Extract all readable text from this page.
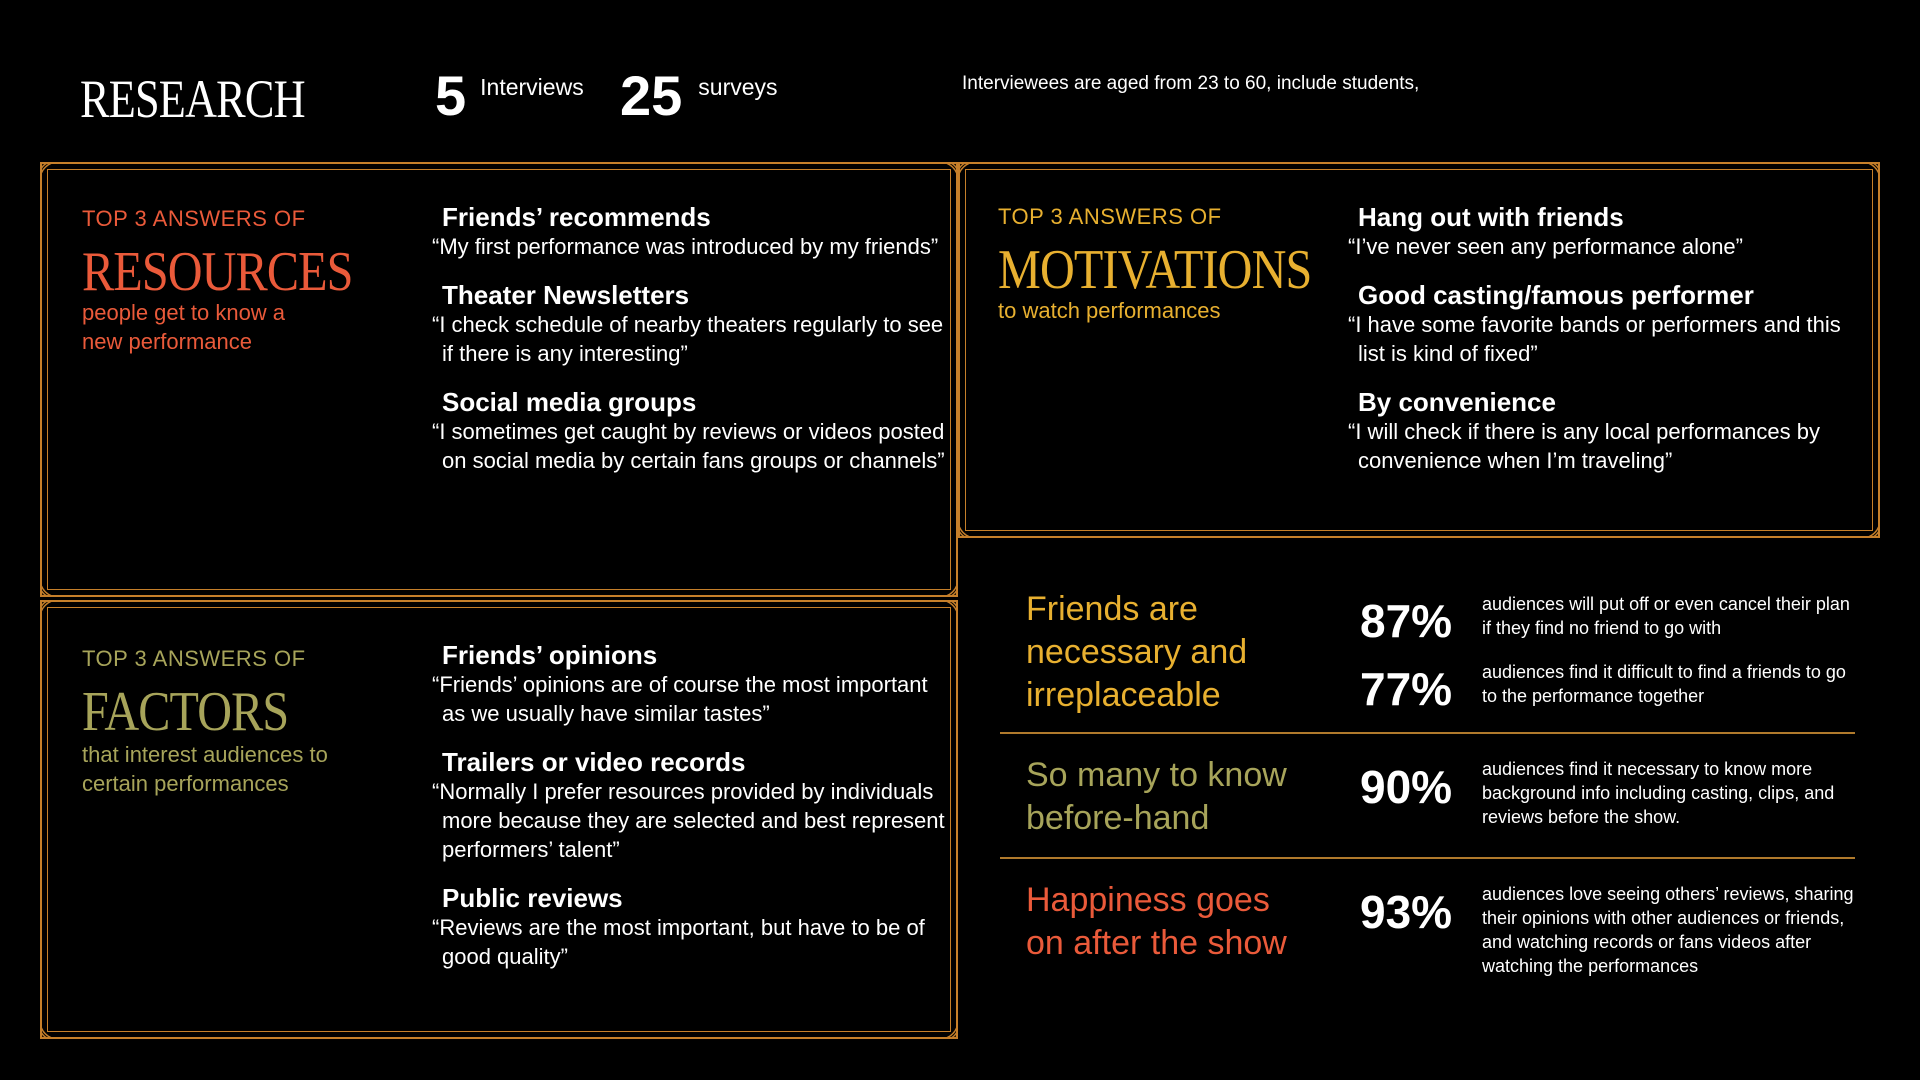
RESEARCH 5 Interviews 25 surveys	Interviewees are aged from 23 to 60, include students,
TOP 3 ANSWERS OF
RESOURCES
people get to know a
new performance
Friends’ recommends
“My first performance was introduced by my friends”
Theater Newsletters
“I check schedule of nearby theaters regularly to see if there is any interesting”
Social media groups
“I sometimes get caught by reviews or videos posted on social media by certain fans groups or channels”
TOP 3 ANSWERS OF
FACTORS
that interest audiences to
certain performances
Friends’ opinions
“Friends’ opinions are of course the most important as we usually have similar tastes”
Trailers or video records
“Normally I prefer resources provided by individuals more because they are selected and best represent performers’ talent”
Public reviews
“Reviews are the most important, but have to be of good quality”
TOP 3 ANSWERS OF
MOTIVATIONS
to watch performances
Hang out with friends
“I’ve never seen any performance alone”
Good casting/famous performer
“I have some favorite bands or performers and this list is kind of fixed”
By convenience
“I will check if there is any local performances by convenience when I’m traveling”
Friends are
necessary and
irreplaceable
87% audiences will put off or even cancel their plan if they find no friend to go with
77% audiences find it difficult to find a friends to go to the performance together
So many to know
before-hand
90% audiences find it necessary to know more background info including casting, clips, and reviews before the show.
Happiness goes
on after the show
93% audiences love seeing others’ reviews, sharing their opinions with other audiences or friends, and watching records or fans videos after watching the performances
